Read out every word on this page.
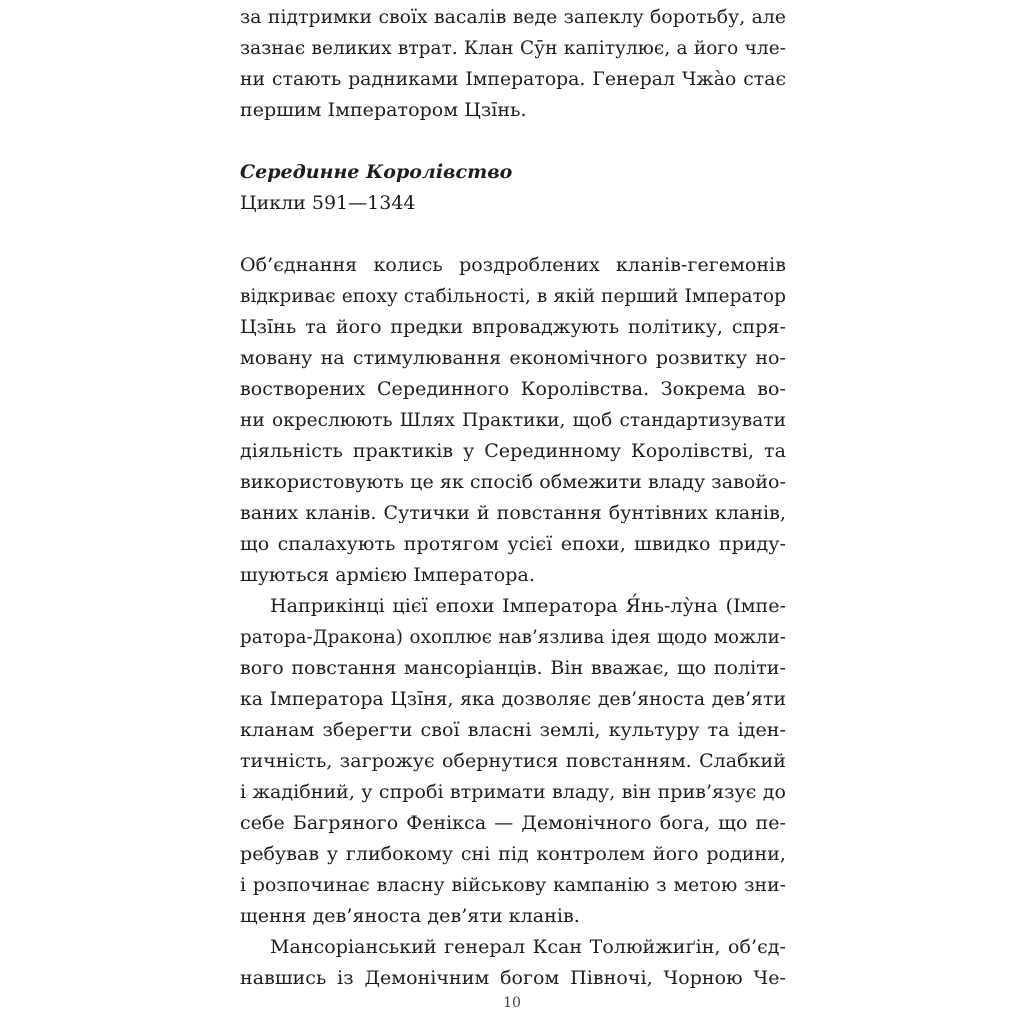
за підтримки своїх васалів веде запеклу боротьбу, але
зазнає великих втрат. Клан Сӯн капітулює, а його чле-
ни стають радниками Імператора. Генерал Чжа̀о стає
першим Імператором Цзі̄нь.
Серединне Королівство
Цикли 591—1344
Об’єднання колись роздроблених кланів-гегемонів
відкриває епоху стабільності, в якій перший Імператор
Цзі̄нь та його предки впроваджують політику, спря-
мовану на стимулювання економічного розвитку но-
востворених Серединного Королівства. Зокрема во-
ни окреслюють Шлях Практики, щоб стандартизувати
діяльність практиків у Серединному Королівстві, та
використовують це як спосіб обмежити владу завойо-
ваних кланів. Сутички й повстання бунтівних кланів,
що спалахують протягом усієї епохи, швидко приду-
шуються армією Імператора.
Наприкінці цієї епохи Імператора Я́нь-лу̀на (Імпе-
ратора-Дракона) охоплює нав’язлива ідея щодо можли-
вого повстання мансоріанців. Він вважає, що політи-
ка Імператора Цзі̄ня, яка дозволяє дев’яноста дев’яти
кланам зберегти свої власні землі, культуру та іден-
тичність, загрожує обернутися повстанням. Слабкий
і жадібний, у спробі втримати владу, він прив’язує до
себе Багряного Фенікса — Демонічного бога, що пе-
ребував у глибокому сні під контролем його родини,
і розпочинає власну військову кампанію з метою зни-
щення дев’яноста дев’яти кланів.
Мансоріанський генерал Ксан Толюйжиґін, об’єд-
навшись із Демонічним богом Півночі, Чорною Че-
10
